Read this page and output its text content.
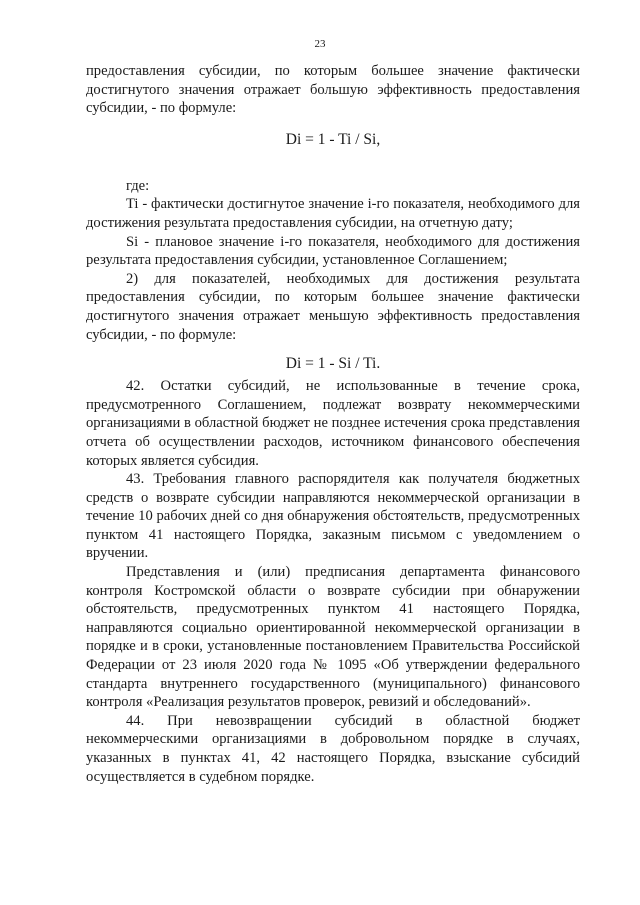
23

предоставления субсидии, по которым большее значение фактически достигнутого значения отражает большую эффективность предоставления субсидии, - по формуле:

Di = 1 - Ti / Si,

где:

Ti - фактически достигнутое значение i-го показателя, необходимого для достижения результата предоставления субсидии, на отчетную дату;

Si - плановое значение i-го показателя, необходимого для достижения результата предоставления субсидии, установленное Соглашением;

2) для показателей, необходимых для достижения результата предоставления субсидии, по которым большее значение фактически достигнутого значения отражает меньшую эффективность предоставления субсидии, - по формуле:

Di = 1 - Si / Ti.

42. Остатки субсидий, не использованные в течение срока, предусмотренного Соглашением, подлежат возврату некоммерческими организациями в областной бюджет не позднее истечения срока представления отчета об осуществлении расходов, источником финансового обеспечения которых является субсидия.

43. Требования главного распорядителя как получателя бюджетных средств о возврате субсидии направляются некоммерческой организации в течение 10 рабочих дней со дня обнаружения обстоятельств, предусмотренных пунктом 41 настоящего Порядка, заказным письмом с уведомлением о вручении.

Представления и (или) предписания департамента финансового контроля Костромской области о возврате субсидии при обнаружении обстоятельств, предусмотренных пунктом 41 настоящего Порядка, направляются социально ориентированной некоммерческой организации в порядке и в сроки, установленные постановлением Правительства Российской Федерации от 23 июля 2020 года № 1095 «Об утверждении федерального стандарта внутреннего государственного (муниципального) финансового контроля «Реализация результатов проверок, ревизий и обследований».

44. При невозвращении субсидий в областной бюджет некоммерческими организациями в добровольном порядке в случаях, указанных в пунктах 41, 42 настоящего Порядка, взыскание субсидий осуществляется в судебном порядке.
